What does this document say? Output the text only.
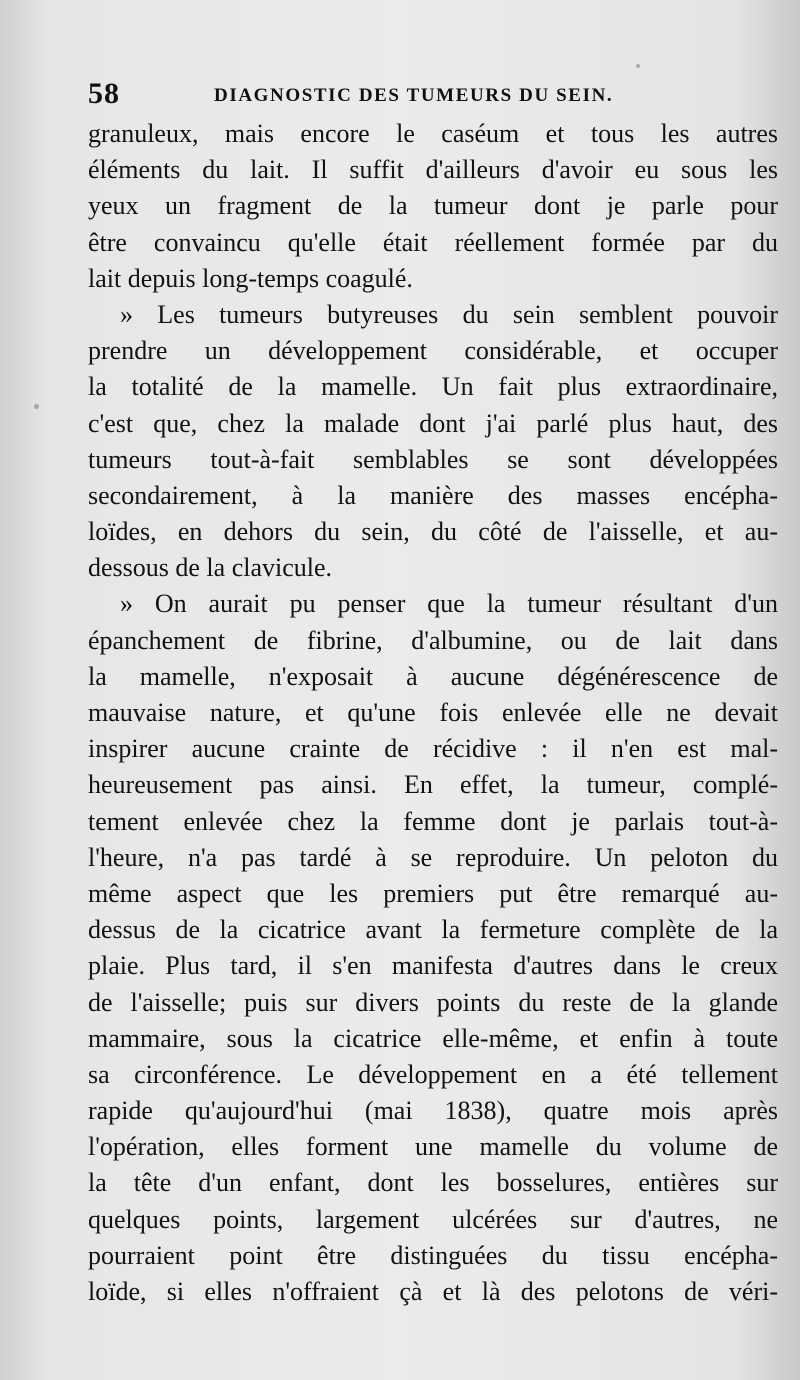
58	DIAGNOSTIC DES TUMEURS DU SEIN.
granuleux, mais encore le caséum et tous les autres
éléments du lait. Il suffit d'ailleurs d'avoir eu sous les
yeux un fragment de la tumeur dont je parle pour
être convaincu qu'elle était réellement formée par du
lait depuis long-temps coagulé.
» Les tumeurs butyreuses du sein semblent pouvoir
prendre un développement considérable, et occuper
la totalité de la mamelle. Un fait plus extraordinaire,
c'est que, chez la malade dont j'ai parlé plus haut, des
tumeurs tout-à-fait semblables se sont développées
secondairement, à la manière des masses encépha-
loïdes, en dehors du sein, du côté de l'aisselle, et au-
dessous de la clavicule.
» On aurait pu penser que la tumeur résultant d'un
épanchement de fibrine, d'albumine, ou de lait dans
la mamelle, n'exposait à aucune dégénérescence de
mauvaise nature, et qu'une fois enlevée elle ne devait
inspirer aucune crainte de récidive : il n'en est mal-
heureusement pas ainsi. En effet, la tumeur, complé-
tement enlevée chez la femme dont je parlais tout-à-
l'heure, n'a pas tardé à se reproduire. Un peloton du
même aspect que les premiers put être remarqué au-
dessus de la cicatrice avant la fermeture complète de la
plaie. Plus tard, il s'en manifesta d'autres dans le creux
de l'aisselle; puis sur divers points du reste de la glande
mammaire, sous la cicatrice elle-même, et enfin à toute
sa circonférence. Le développement en a été tellement
rapide qu'aujourd'hui (mai 1838), quatre mois après
l'opération, elles forment une mamelle du volume de
la tête d'un enfant, dont les bosselures, entières sur
quelques points, largement ulcérées sur d'autres, ne
pourraient point être distinguées du tissu encépha-
loïde, si elles n'offraient çà et là des pelotons de véri-
